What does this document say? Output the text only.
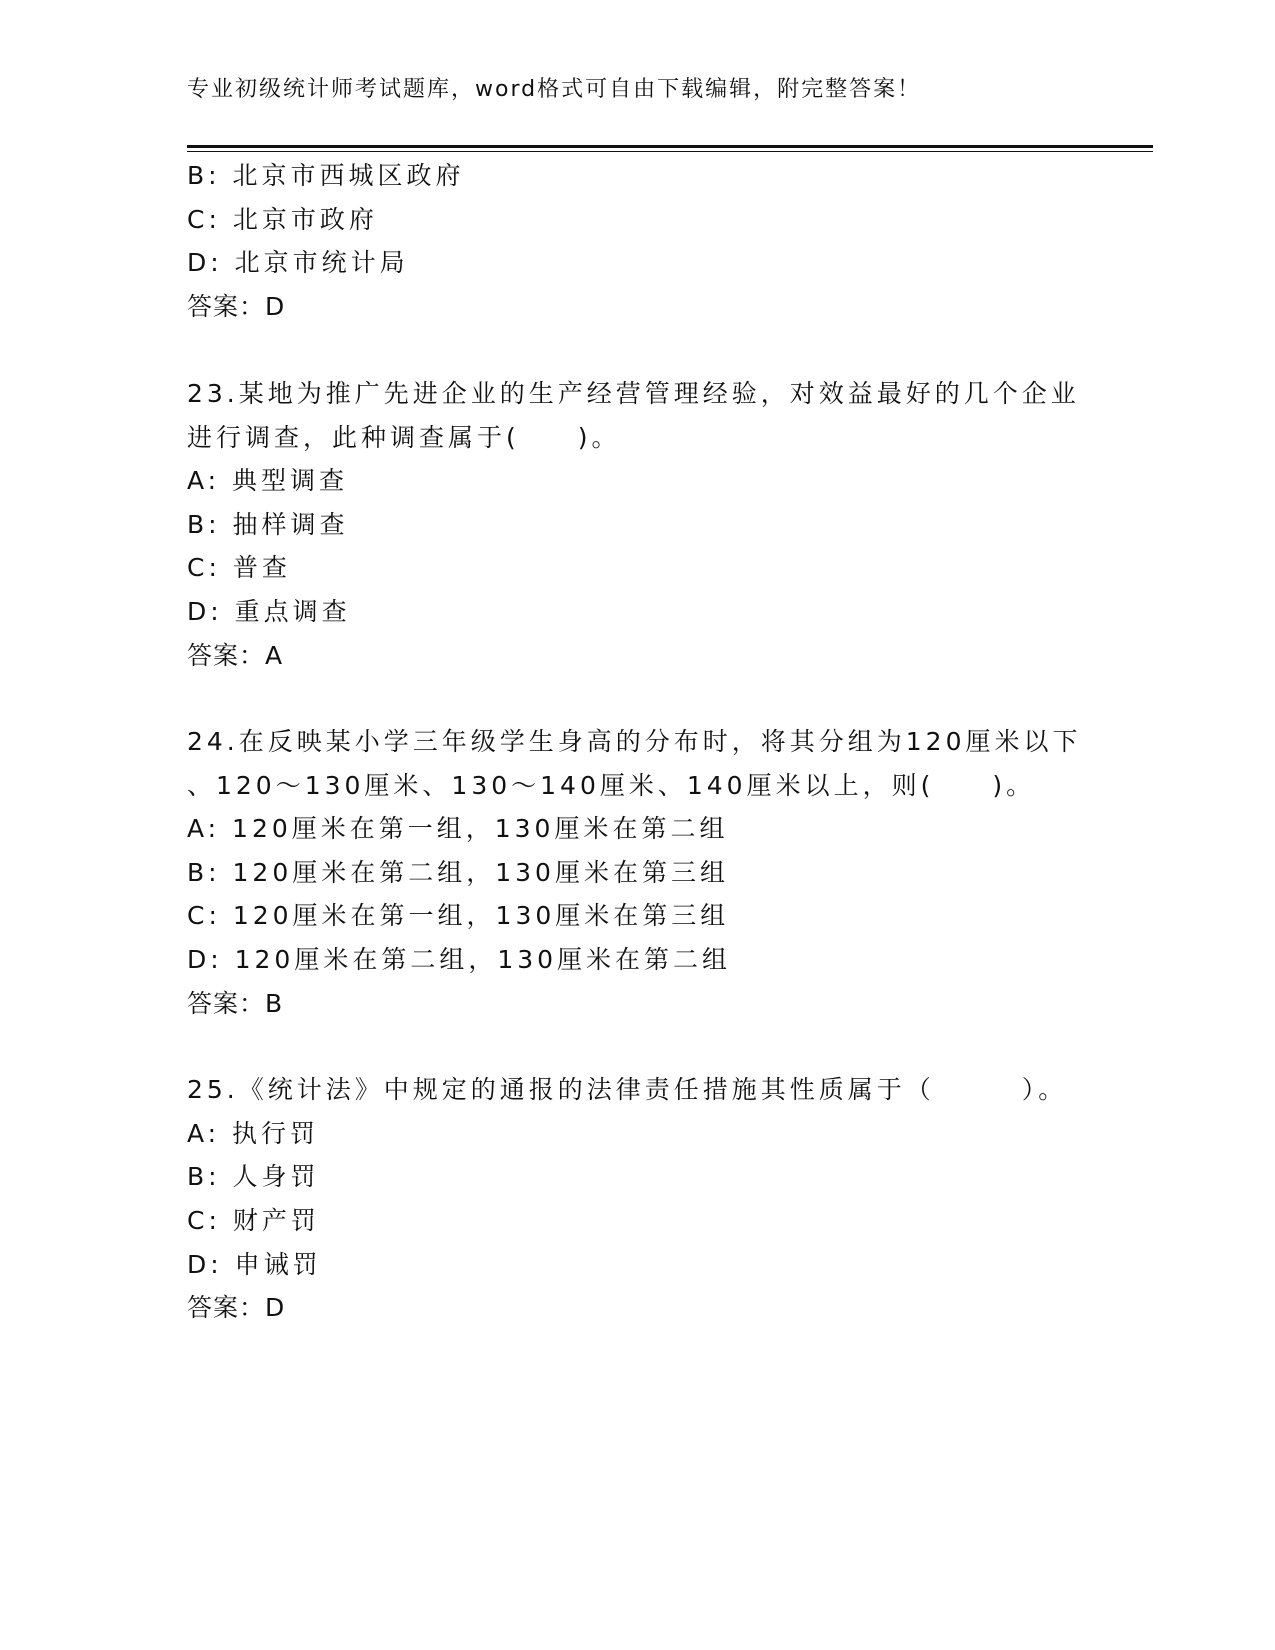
专业初级统计师考试题库，word格式可自由下载编辑，附完整答案！
B: 北京市西城区政府
C: 北京市政府
D: 北京市统计局
答案：D
23.某地为推广先进企业的生产经营管理经验，对效益最好的几个企业
进行调查，此种调查属于(　　)。
A: 典型调查
B: 抽样调查
C: 普查
D: 重点调查
答案：A
24.在反映某小学三年级学生身高的分布时，将其分组为120厘米以下
、120～130厘米、130～140厘米、140厘米以上，则(　　)。
A: 120厘米在第一组，130厘米在第二组
B: 120厘米在第二组，130厘米在第三组
C: 120厘米在第一组，130厘米在第三组
D: 120厘米在第二组，130厘米在第二组
答案：B
25.《统计法》中规定的通报的法律责任措施其性质属于（　　　）。
A: 执行罚
B: 人身罚
C: 财产罚
D: 申诫罚
答案：D
